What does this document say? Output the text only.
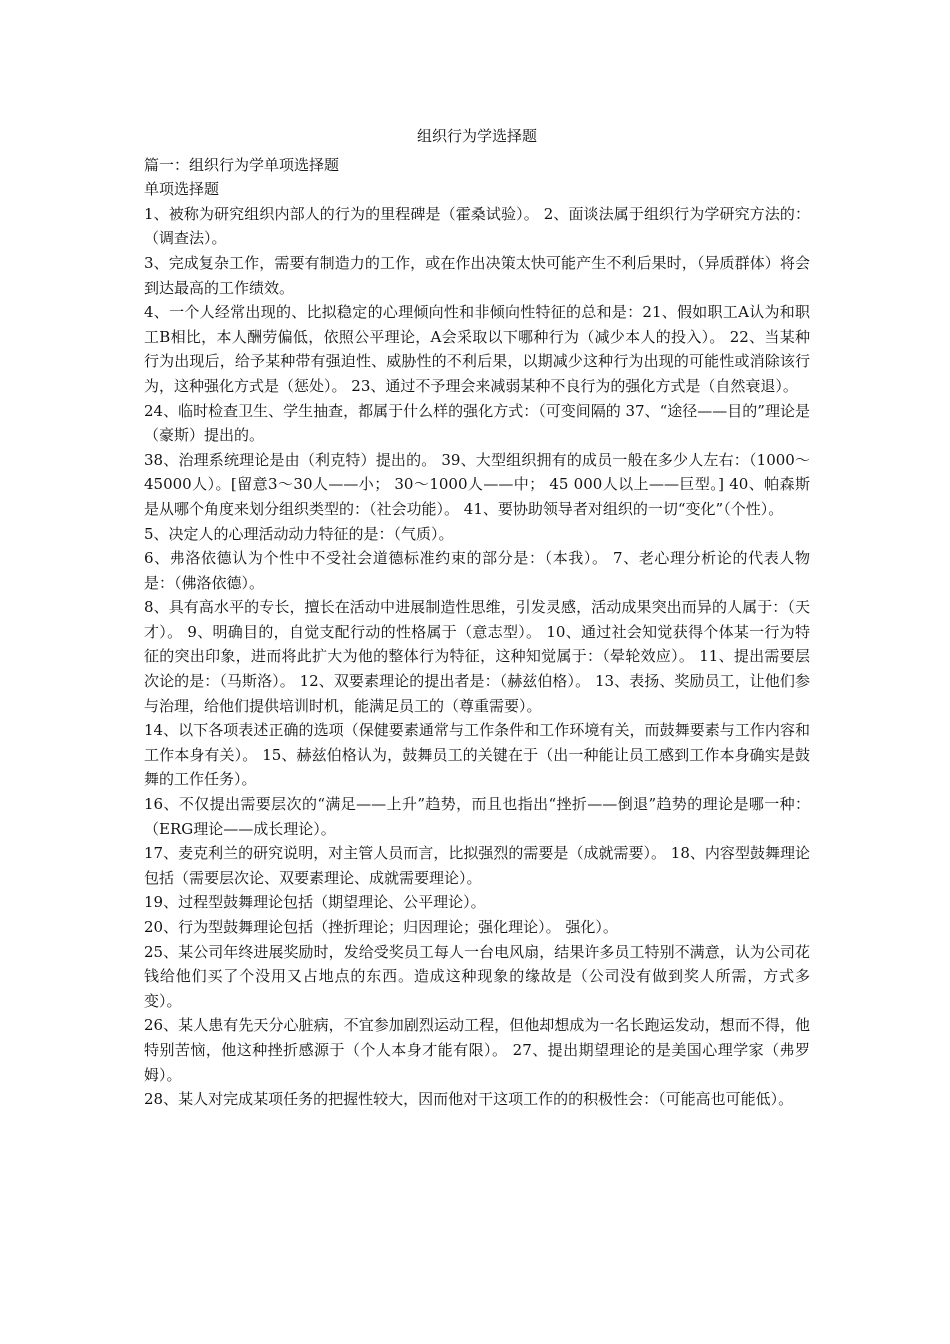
组织行为学选择题

篇一：组织行为学单项选择题

单项选择题

1、被称为研究组织内部人的行为的里程碑是（霍桑试验）。 2、面谈法属于组织行为学研究方法的：（调查法）。

3、完成复杂工作，需要有制造力的工作，或在作出决策太快可能产生不利后果时，（异质群体）将会到达最高的工作绩效。

4、一个人经常出现的、比拟稳定的心理倾向性和非倾向性特征的总和是：21、假如职工A认为和职工B相比，本人酬劳偏低，依照公平理论，A会采取以下哪种行为（减少本人的投入）。 22、当某种行为出现后，给予某种带有强迫性、威胁性的不利后果，以期减少这种行为出现的可能性或消除该行为，这种强化方式是（惩处）。 23、通过不予理会来减弱某种不良行为的强化方式是（自然衰退）。

24、临时检查卫生、学生抽查，都属于什么样的强化方式：（可变间隔的 37、“途径——目的”理论是（豪斯）提出的。

38、治理系统理论是由（利克特）提出的。 39、大型组织拥有的成员一般在多少人左右：（1000～45000人）。[留意3～30人——小； 30～1000人——中； 45 000人以上——巨型。] 40、帕森斯是从哪个角度来划分组织类型的：（社会功能）。 41、要协助领导者对组织的一切“变化”（个性）。

5、决定人的心理活动动力特征的是：（气质）。

6、弗洛依德认为个性中不受社会道德标准约束的部分是：（本我）。 7、老心理分析论的代表人物是：（佛洛依德）。

8、具有高水平的专长，擅长在活动中进展制造性思维，引发灵感，活动成果突出而异的人属于：（天才）。 9、明确目的，自觉支配行动的性格属于（意志型）。 10、通过社会知觉获得个体某一行为特征的突出印象，进而将此扩大为他的整体行为特征，这种知觉属于：（晕轮效应）。 11、提出需要层次论的是：（马斯洛）。 12、双要素理论的提出者是：（赫兹伯格）。 13、表扬、奖励员工，让他们参与治理，给他们提供培训时机，能满足员工的（尊重需要）。

14、以下各项表述正确的选项（保健要素通常与工作条件和工作环境有关，而鼓舞要素与工作内容和工作本身有关）。 15、赫兹伯格认为，鼓舞员工的关键在于（出一种能让员工感到工作本身确实是鼓舞的工作任务）。

16、不仅提出需要层次的“满足——上升”趋势，而且也指出“挫折——倒退”趋势的理论是哪一种：（ERG理论——成长理论）。

17、麦克利兰的研究说明，对主管人员而言，比拟强烈的需要是（成就需要）。 18、内容型鼓舞理论包括（需要层次论、双要素理论、成就需要理论）。

19、过程型鼓舞理论包括（期望理论、公平理论）。

20、行为型鼓舞理论包括（挫折理论；归因理论；强化理论）。 强化）。

25、某公司年终进展奖励时，发给受奖员工每人一台电风扇，结果许多员工特别不满意，认为公司花钱给他们买了个没用又占地点的东西。造成这种现象的缘故是（公司没有做到奖人所需，方式多变）。

26、某人患有先天分心脏病，不宜参加剧烈运动工程，但他却想成为一名长跑运发动，想而不得，他特别苦恼，他这种挫折感源于（个人本身才能有限）。 27、提出期望理论的是美国心理学家（弗罗姆）。

28、某人对完成某项任务的把握性较大，因而他对干这项工作的的积极性会：（可能高也可能低）。
